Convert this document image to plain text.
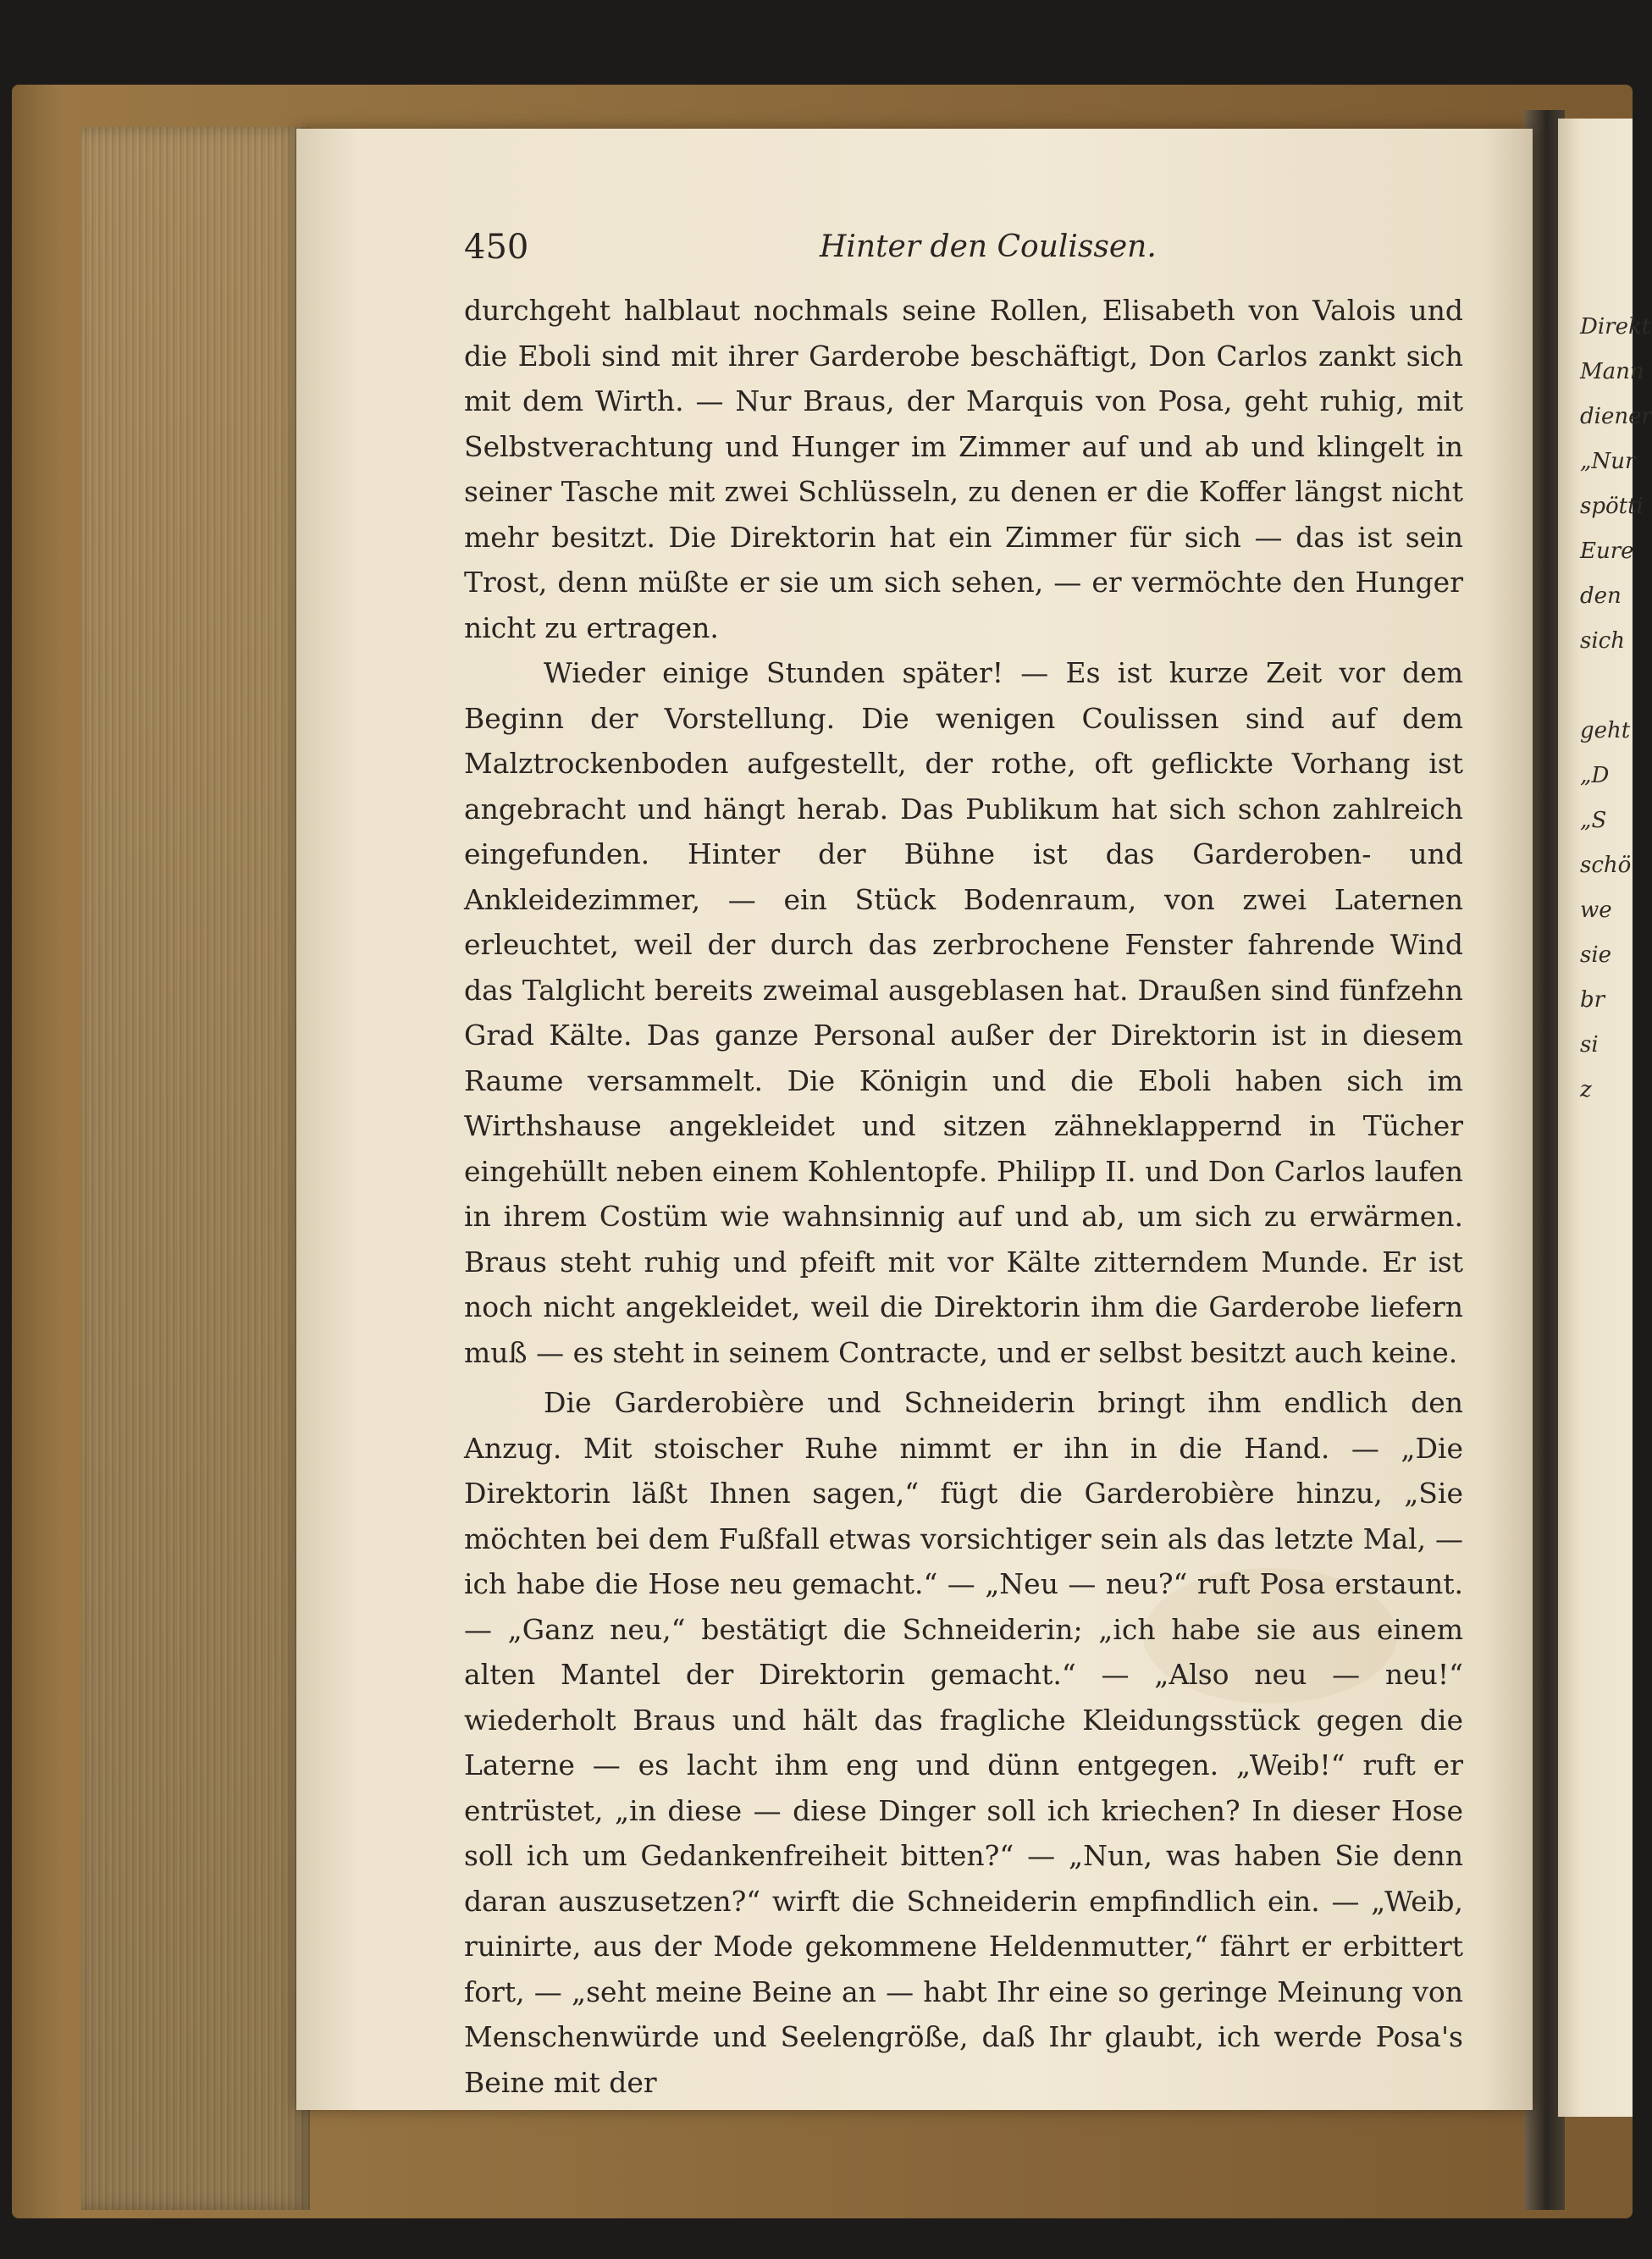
450	Hinter den Coulissen.

durchgeht halblaut nochmals seine Rollen, Elisabeth von Valois und die Eboli sind mit ihrer Garderobe beschäftigt, Don Carlos zankt sich mit dem Wirth. — Nur Braus, der Marquis von Posa, geht ruhig, mit Selbstverachtung und Hunger im Zimmer auf und ab und klingelt in seiner Tasche mit zwei Schlüsseln, zu denen er die Koffer längst nicht mehr besitzt. Die Direktorin hat ein Zimmer für sich — das ist sein Trost, denn müßte er sie um sich sehen, — er vermöchte den Hunger nicht zu ertragen.

Wieder einige Stunden später! — Es ist kurze Zeit vor dem Beginn der Vorstellung. Die wenigen Coulissen sind auf dem Malztrockenboden aufgestellt, der rothe, oft geflickte Vorhang ist angebracht und hängt herab. Das Publikum hat sich schon zahlreich eingefunden. Hinter der Bühne ist das Garderoben- und Ankleidezimmer, — ein Stück Bodenraum, von zwei Laternen erleuchtet, weil der durch das zerbrochene Fenster fahrende Wind das Talglicht bereits zweimal ausgeblasen hat. Draußen sind fünfzehn Grad Kälte. Das ganze Personal außer der Direktorin ist in diesem Raume versammelt. Die Königin und die Eboli haben sich im Wirthshause angekleidet und sitzen zähneklappernd in Tücher eingehüllt neben einem Kohlentopfe. Philipp II. und Don Carlos laufen in ihrem Costüm wie wahnsinnig auf und ab, um sich zu erwärmen. Braus steht ruhig und pfeift mit vor Kälte zitterndem Munde. Er ist noch nicht angekleidet, weil die Direktorin ihm die Garderobe liefern muß — es steht in seinem Contracte, und er selbst besitzt auch keine.

Die Garderobière und Schneiderin bringt ihm endlich den Anzug. Mit stoischer Ruhe nimmt er ihn in die Hand. — „Die Direktorin läßt Ihnen sagen,“ fügt die Garderobière hinzu, „Sie möchten bei dem Fußfall etwas vorsichtiger sein als das letzte Mal, — ich habe die Hose neu gemacht.“ — „Neu — neu?“ ruft Posa erstaunt. — „Ganz neu,“ bestätigt die Schneiderin; „ich habe sie aus einem alten Mantel der Direktorin gemacht.“ — „Also neu — neu!“ wiederholt Braus und hält das fragliche Kleidungsstück gegen die Laterne — es lacht ihm eng und dünn entgegen. „Weib!“ ruft er entrüstet, „in diese — diese Dinger soll ich kriechen? In dieser Hose soll ich um Gedankenfreiheit bitten?“ — „Nun, was haben Sie denn daran auszusetzen?“ wirft die Schneiderin empfindlich ein. — „Weib, ruinirte, aus der Mode gekommene Heldenmutter,“ fährt er erbittert fort, — „seht meine Beine an — habt Ihr eine so geringe Meinung von Menschenwürde und Seelengröße, daß Ihr glaubt, ich werde Posa's Beine mit der

Direkt
Mann
diener
„Nur
spötti
Eure
den
sich
geht
„D
„S
schö
we
sie
br
si
z
